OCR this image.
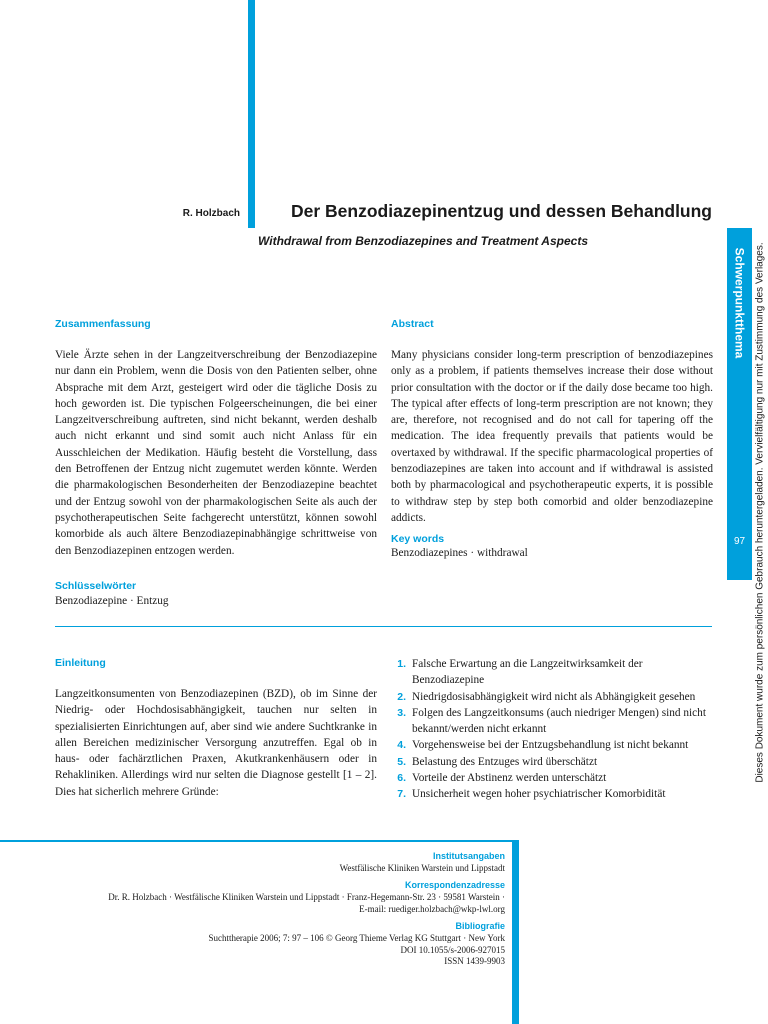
Schwerpunktthema
97 Dieses Dokument wurde zum persönlichen Gebrauch heruntergeladen. Vervielfältigung nur mit Zustimmung des Verlages.
R. Holzbach	Der Benzodiazepinentzug und dessen Behandlung
Withdrawal from Benzodiazepines and Treatment Aspects
Zusammenfassung
Viele Ärzte sehen in der Langzeitverschreibung der Benzodiazepine nur dann ein Problem, wenn die Dosis von den Patienten selber, ohne Absprache mit dem Arzt, gesteigert wird oder die tägliche Dosis zu hoch geworden ist. Die typischen Folgeerscheinungen, die bei einer Langzeitverschreibung auftreten, sind nicht bekannt, werden deshalb auch nicht erkannt und sind somit auch nicht Anlass für ein Ausschleichen der Medikation. Häufig besteht die Vorstellung, dass den Betroffenen der Entzug nicht zugemutet werden könnte. Werden die pharmakologischen Besonderheiten der Benzodiazepine beachtet und der Entzug sowohl von der pharmakologischen Seite als auch der psychotherapeutischen Seite fachgerecht unterstützt, können sowohl komorbide als auch ältere Benzodiazepinabhängige schrittweise von den Benzodiazepinen entzogen werden.
Schlüsselwörter
Benzodiazepine · Entzug
Abstract
Many physicians consider long-term prescription of benzodiazepines only as a problem, if patients themselves increase their dose without prior consultation with the doctor or if the daily dose became too high. The typical after effects of long-term prescription are not known; they are, therefore, not recognised and do not call for tapering off the medication. The idea frequently prevails that patients would be overtaxed by withdrawal. If the specific pharmacological properties of benzodiazepines are taken into account and if withdrawal is assisted both by pharmacological and psychotherapeutic experts, it is possible to withdraw step by step both comorbid and older benzodiazepine addicts.
Key words
Benzodiazepines · withdrawal
Einleitung
Langzeitkonsumenten von Benzodiazepinen (BZD), ob im Sinne der Niedrig- oder Hochdosisabhängigkeit, tauchen nur selten in spezialisierten Einrichtungen auf, aber sind wie andere Suchtkranke in allen Bereichen medizinischer Versorgung anzutreffen. Egal ob in haus- oder fachärztlichen Praxen, Akutkrankenhäusern oder in Rehakliniken. Allerdings wird nur selten die Diagnose gestellt [1 – 2]. Dies hat sicherlich mehrere Gründe:
1. Falsche Erwartung an die Langzeitwirksamkeit der Benzodiazepine
2. Niedrigdosisabhängigkeit wird nicht als Abhängigkeit gesehen
3. Folgen des Langzeitkonsums (auch niedriger Mengen) sind nicht bekannt/werden nicht erkannt
4. Vorgehensweise bei der Entzugsbehandlung ist nicht bekannt
5. Belastung des Entzuges wird überschätzt
6. Vorteile der Abstinenz werden unterschätzt
7. Unsicherheit wegen hoher psychiatrischer Komorbidität
Institutsangaben
Westfälische Kliniken Warstein und Lippstadt
Korrespondenzadresse
Dr. R. Holzbach · Westfälische Kliniken Warstein und Lippstadt · Franz-Hegemann-Str. 23 · 59581 Warstein ·
E-mail: ruediger.holzbach@wkp-lwl.org
Bibliografie
Suchttherapie 2006; 7: 97 – 106 © Georg Thieme Verlag KG Stuttgart · New York
DOI 10.1055/s-2006-927015
ISSN 1439-9903
